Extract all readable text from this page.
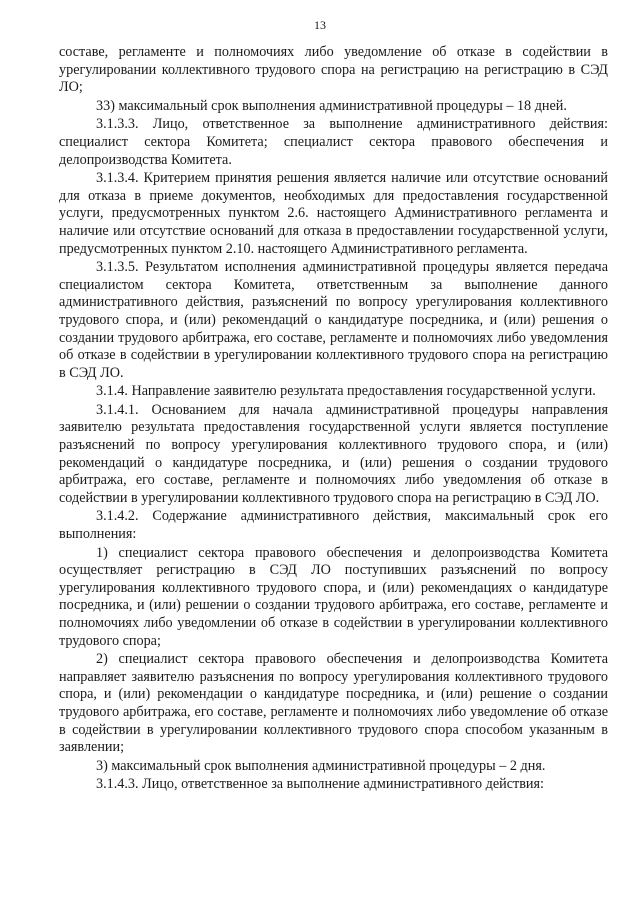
13

составе, регламенте и полномочиях либо уведомление об отказе в содействии в урегулировании коллективного трудового спора на регистрацию на регистрацию в СЭД ЛО;

33) максимальный срок выполнения административной процедуры – 18 дней.

3.1.3.3. Лицо, ответственное за выполнение административного действия: специалист сектора Комитета; специалист сектора правового обеспечения и делопроизводства Комитета.

3.1.3.4. Критерием принятия решения является наличие или отсутствие оснований для отказа в приеме документов, необходимых для предоставления государственной услуги, предусмотренных пунктом 2.6. настоящего Административного регламента и наличие или отсутствие оснований для отказа в предоставлении государственной услуги, предусмотренных пунктом 2.10. настоящего Административного регламента.

3.1.3.5. Результатом исполнения административной процедуры является передача специалистом сектора Комитета, ответственным за выполнение данного административного действия, разъяснений по вопросу урегулирования коллективного трудового спора, и (или) рекомендаций о кандидатуре посредника, и (или) решения о создании трудового арбитража, его составе, регламенте и полномочиях либо уведомления об отказе в содействии в урегулировании коллективного трудового спора на регистрацию в СЭД ЛО.

3.1.4. Направление заявителю результата предоставления государственной услуги.

3.1.4.1. Основанием для начала административной процедуры направления заявителю результата предоставления государственной услуги является поступление разъяснений по вопросу урегулирования коллективного трудового спора, и (или) рекомендаций о кандидатуре посредника, и (или) решения о создании трудового арбитража, его составе, регламенте и полномочиях либо уведомления об отказе в содействии в урегулировании коллективного трудового спора на регистрацию в СЭД ЛО.

3.1.4.2. Содержание административного действия, максимальный срок его выполнения:

1) специалист сектора правового обеспечения и делопроизводства Комитета осуществляет регистрацию в СЭД ЛО поступивших разъяснений по вопросу урегулирования коллективного трудового спора, и (или) рекомендациях о кандидатуре посредника, и (или) решении о создании трудового арбитража, его составе, регламенте и полномочиях либо уведомлении об отказе в содействии в урегулировании коллективного трудового спора;

2) специалист сектора правового обеспечения и делопроизводства Комитета направляет заявителю разъяснения по вопросу урегулирования коллективного трудового спора, и (или) рекомендации о кандидатуре посредника, и (или) решение о создании трудового арбитража, его составе, регламенте и полномочиях либо уведомление об отказе в содействии в урегулировании коллективного трудового спора способом указанным в заявлении;

3) максимальный срок выполнения административной процедуры – 2 дня.

3.1.4.3. Лицо, ответственное за выполнение административного действия:
